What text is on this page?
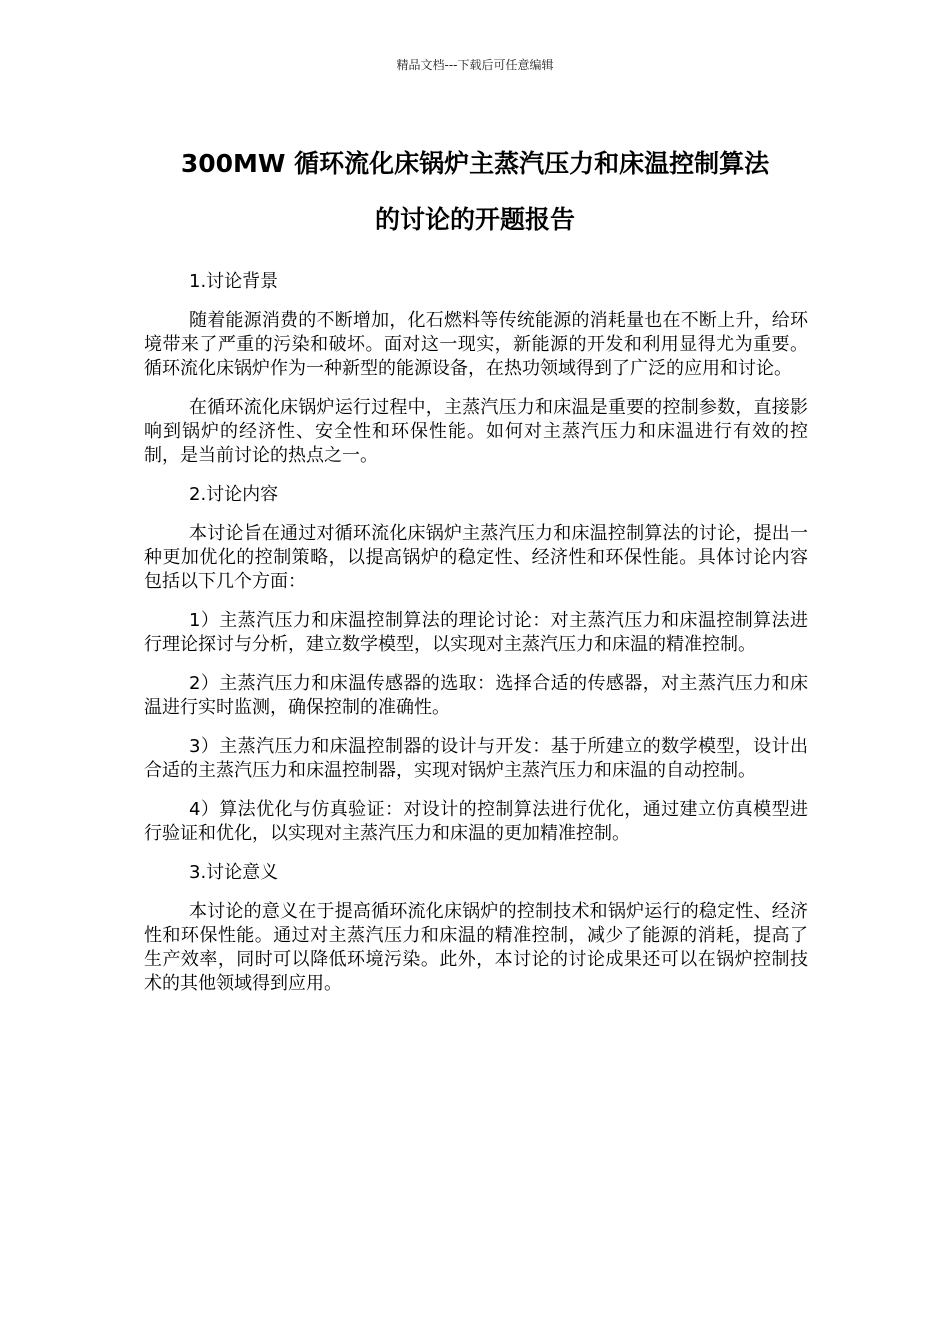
精品文档---下载后可任意编辑
300MW 循环流化床锅炉主蒸汽压力和床温控制算法
的讨论的开题报告

1.讨论背景

随着能源消费的不断增加，化石燃料等传统能源的消耗量也在不断上升，给环境带来了严重的污染和破坏。面对这一现实，新能源的开发和利用显得尤为重要。循环流化床锅炉作为一种新型的能源设备，在热功领域得到了广泛的应用和讨论。

在循环流化床锅炉运行过程中，主蒸汽压力和床温是重要的控制参数，直接影响到锅炉的经济性、安全性和环保性能。如何对主蒸汽压力和床温进行有效的控制，是当前讨论的热点之一。

2.讨论内容

本讨论旨在通过对循环流化床锅炉主蒸汽压力和床温控制算法的讨论，提出一种更加优化的控制策略，以提高锅炉的稳定性、经济性和环保性能。具体讨论内容包括以下几个方面：

1）主蒸汽压力和床温控制算法的理论讨论：对主蒸汽压力和床温控制算法进行理论探讨与分析，建立数学模型，以实现对主蒸汽压力和床温的精准控制。

2）主蒸汽压力和床温传感器的选取：选择合适的传感器，对主蒸汽压力和床温进行实时监测，确保控制的准确性。

3）主蒸汽压力和床温控制器的设计与开发：基于所建立的数学模型，设计出合适的主蒸汽压力和床温控制器，实现对锅炉主蒸汽压力和床温的自动控制。

4）算法优化与仿真验证：对设计的控制算法进行优化，通过建立仿真模型进行验证和优化，以实现对主蒸汽压力和床温的更加精准控制。

3.讨论意义

本讨论的意义在于提高循环流化床锅炉的控制技术和锅炉运行的稳定性、经济性和环保性能。通过对主蒸汽压力和床温的精准控制，减少了能源的消耗，提高了生产效率，同时可以降低环境污染。此外，本讨论的讨论成果还可以在锅炉控制技术的其他领域得到应用。
